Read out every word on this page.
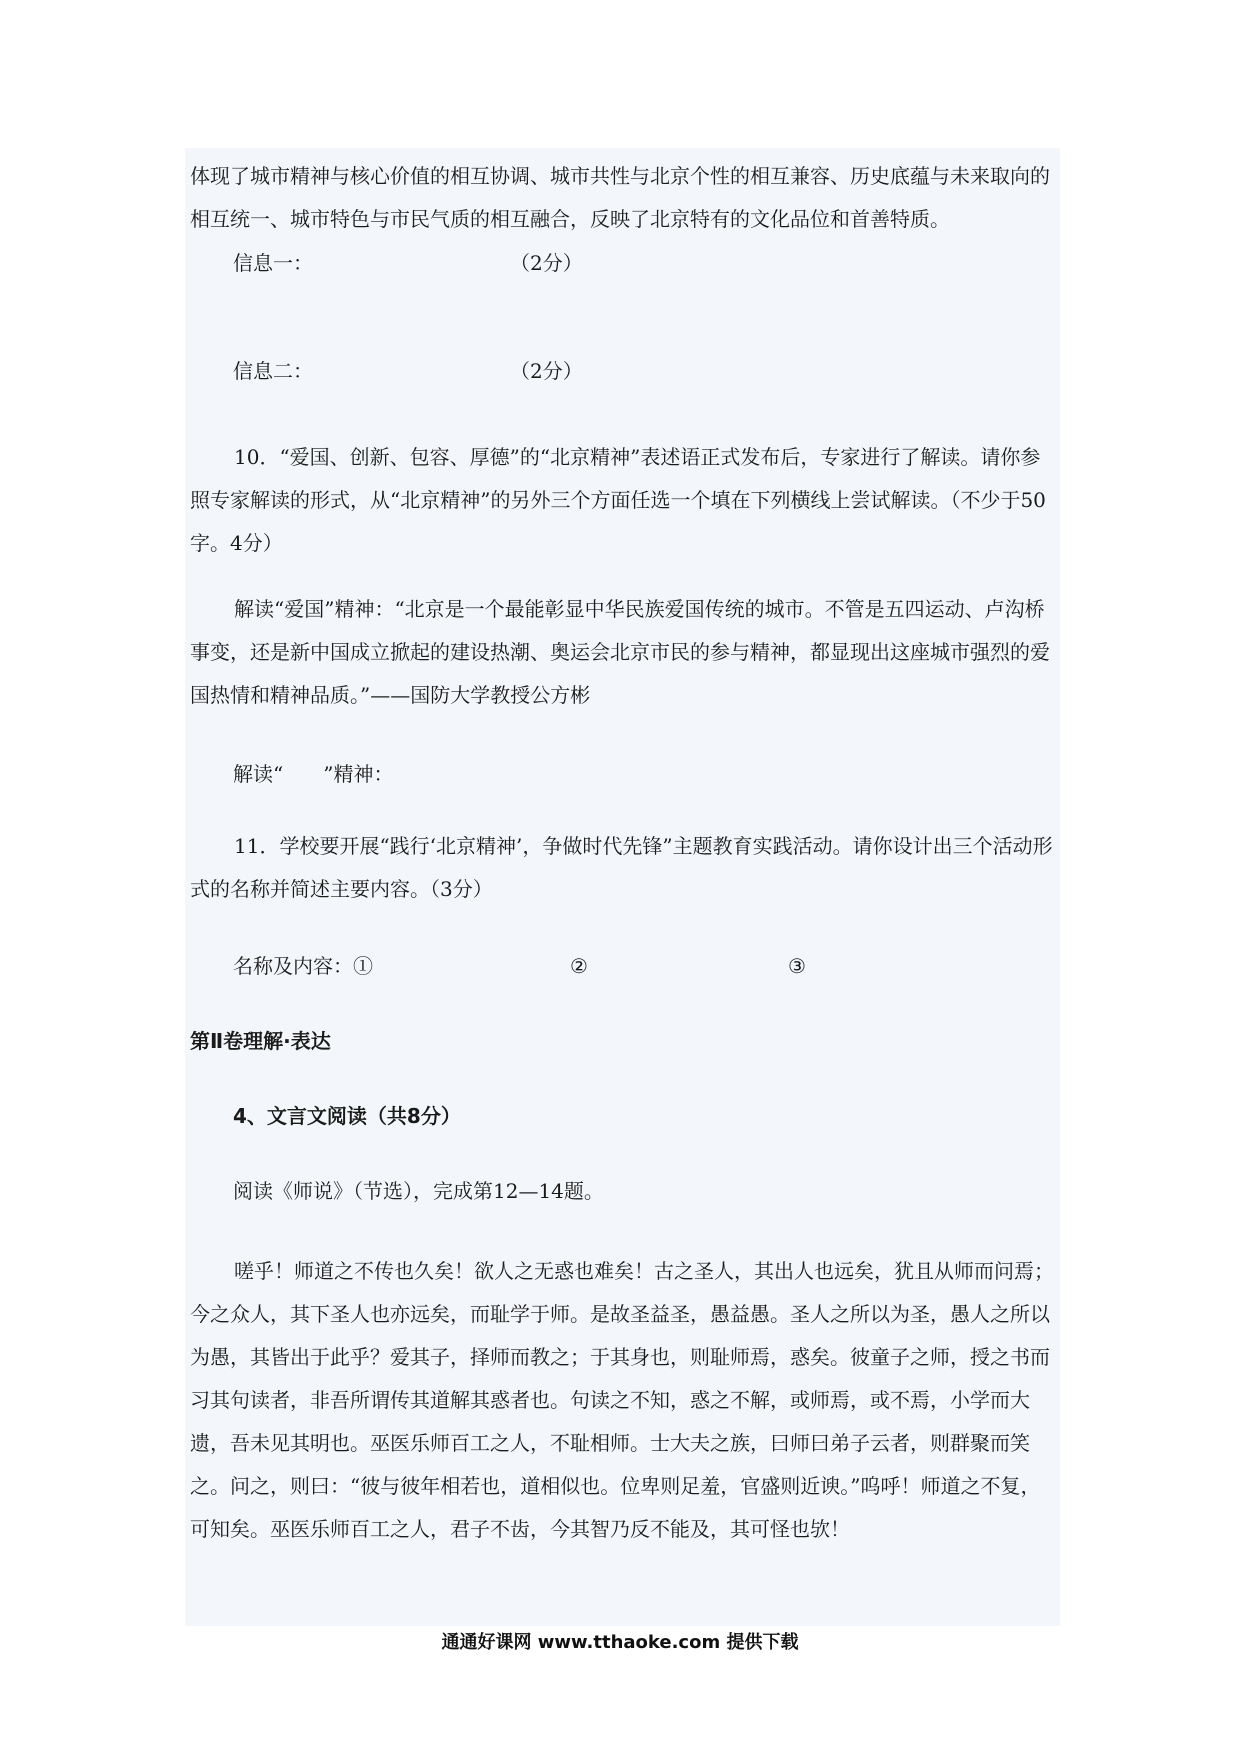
体现了城市精神与核心价值的相互协调、城市共性与北京个性的相互兼容、历史底蕴与未来取向的相互统一、城市特色与市民气质的相互融合，反映了北京特有的文化品位和首善特质。

信息一：	（2分）
信息二：	（2分）

10．“爱国、创新、包容、厚德”的“北京精神”表述语正式发布后，专家进行了解读。请你参照专家解读的形式，从“北京精神”的另外三个方面任选一个填在下列横线上尝试解读。（不少于50字。4分）

解读“爱国”精神：“北京是一个最能彰显中华民族爱国传统的城市。不管是五四运动、卢沟桥事变，还是新中国成立掀起的建设热潮、奥运会北京市民的参与精神，都显现出这座城市强烈的爱国热情和精神品质。”——国防大学教授公方彬

解读“　　”精神：

11．学校要开展“践行‘北京精神’，争做时代先锋”主题教育实践活动。请你设计出三个活动形式的名称并简述主要内容。（3分）

名称及内容：①	②	③
第Ⅱ卷理解·表达
4、文言文阅读（共8分）
阅读《师说》（节选），完成第12—14题。

嗟乎！师道之不传也久矣！欲人之无惑也难矣！古之圣人，其出人也远矣，犹且从师而问焉；今之众人，其下圣人也亦远矣，而耻学于师。是故圣益圣，愚益愚。圣人之所以为圣，愚人之所以为愚，其皆出于此乎？爱其子，择师而教之；于其身也，则耻师焉，惑矣。彼童子之师，授之书而习其句读者，非吾所谓传其道解其惑者也。句读之不知，惑之不解，或师焉，或不焉，小学而大遗，吾未见其明也。巫医乐师百工之人，不耻相师。士大夫之族，曰师曰弟子云者，则群聚而笑之。问之，则曰：“彼与彼年相若也，道相似也。位卑则足羞，官盛则近谀。”呜呼！师道之不复，可知矣。巫医乐师百工之人，君子不齿，今其智乃反不能及，其可怪也欤！

通通好课网 www.tthaoke.com 提供下载
